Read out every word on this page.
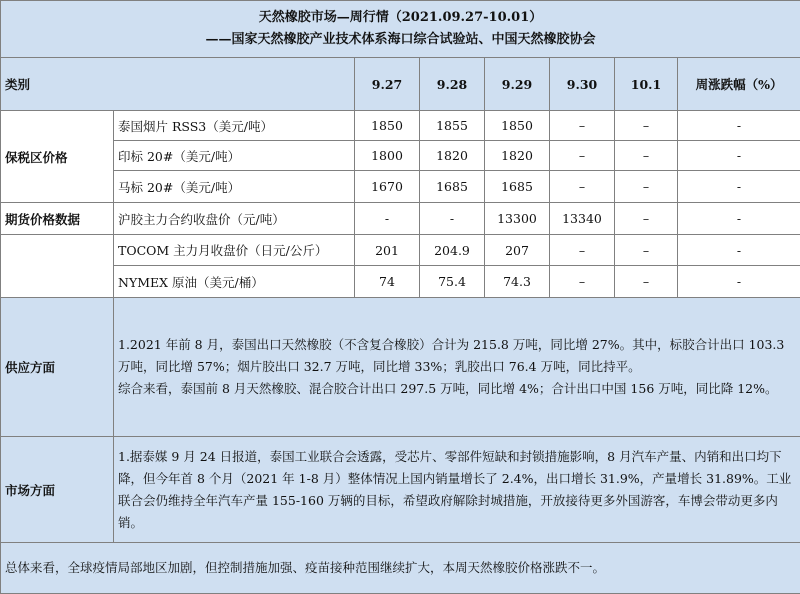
天然橡胶市场—周行情（2021.09.27-10.01）
——国家天然橡胶产业技术体系海口综合试验站、中国天然橡胶协会							

类别		9.27	9.28	9.29	9.30	10.1	周涨跌幅（%）
保税区价格	泰国烟片 RSS3（美元/吨）	1850	1855	1850	–	–	-
	印标 20#（美元/吨）	1800	1820	1820	–	–	-
	马标 20#（美元/吨）	1670	1685	1685	–	–	-
期货价格数据	沪胶主力合约收盘价（元/吨）	-	-	13300	13340	–	-
	TOCOM 主力月收盘价（日元/公斤）	201	204.9	207	–	–	-
	NYMEX 原油（美元/桶）	74	75.4	74.3	–	–	-
供应方面	1.2021 年前 8 月，泰国出口天然橡胶（不含复合橡胶）合计为 215.8 万吨，同比增 27%。其中，标胶合计出口 103.3 万吨，同比增 57%；烟片胶出口 32.7 万吨，同比增 33%；乳胶出口 76.4 万吨，同比持平。

综合来看，泰国前 8 月天然橡胶、混合胶合计出口 297.5 万吨，同比增 4%；合计出口中国 156 万吨，同比降 12%。						

市场方面	1.据泰媒 9 月 24 日报道，泰国工业联合会透露，受芯片、零部件短缺和封锁措施影响，8 月汽车产量、内销和出口均下降，但今年首 8 个月（2021 年 1-8 月）整体情况上国内销量增长了 2.4%，出口增长 31.9%，产量增长 31.89%。工业联合会仍维持全年汽车产量 155-160 万辆的目标，希望政府解除封城措施，开放接待更多外国游客，车博会带动更多内销。						

总体来看，全球疫情局部地区加剧，但控制措施加强、疫苗接种范围继续扩大，本周天然橡胶价格涨跌不一。							
